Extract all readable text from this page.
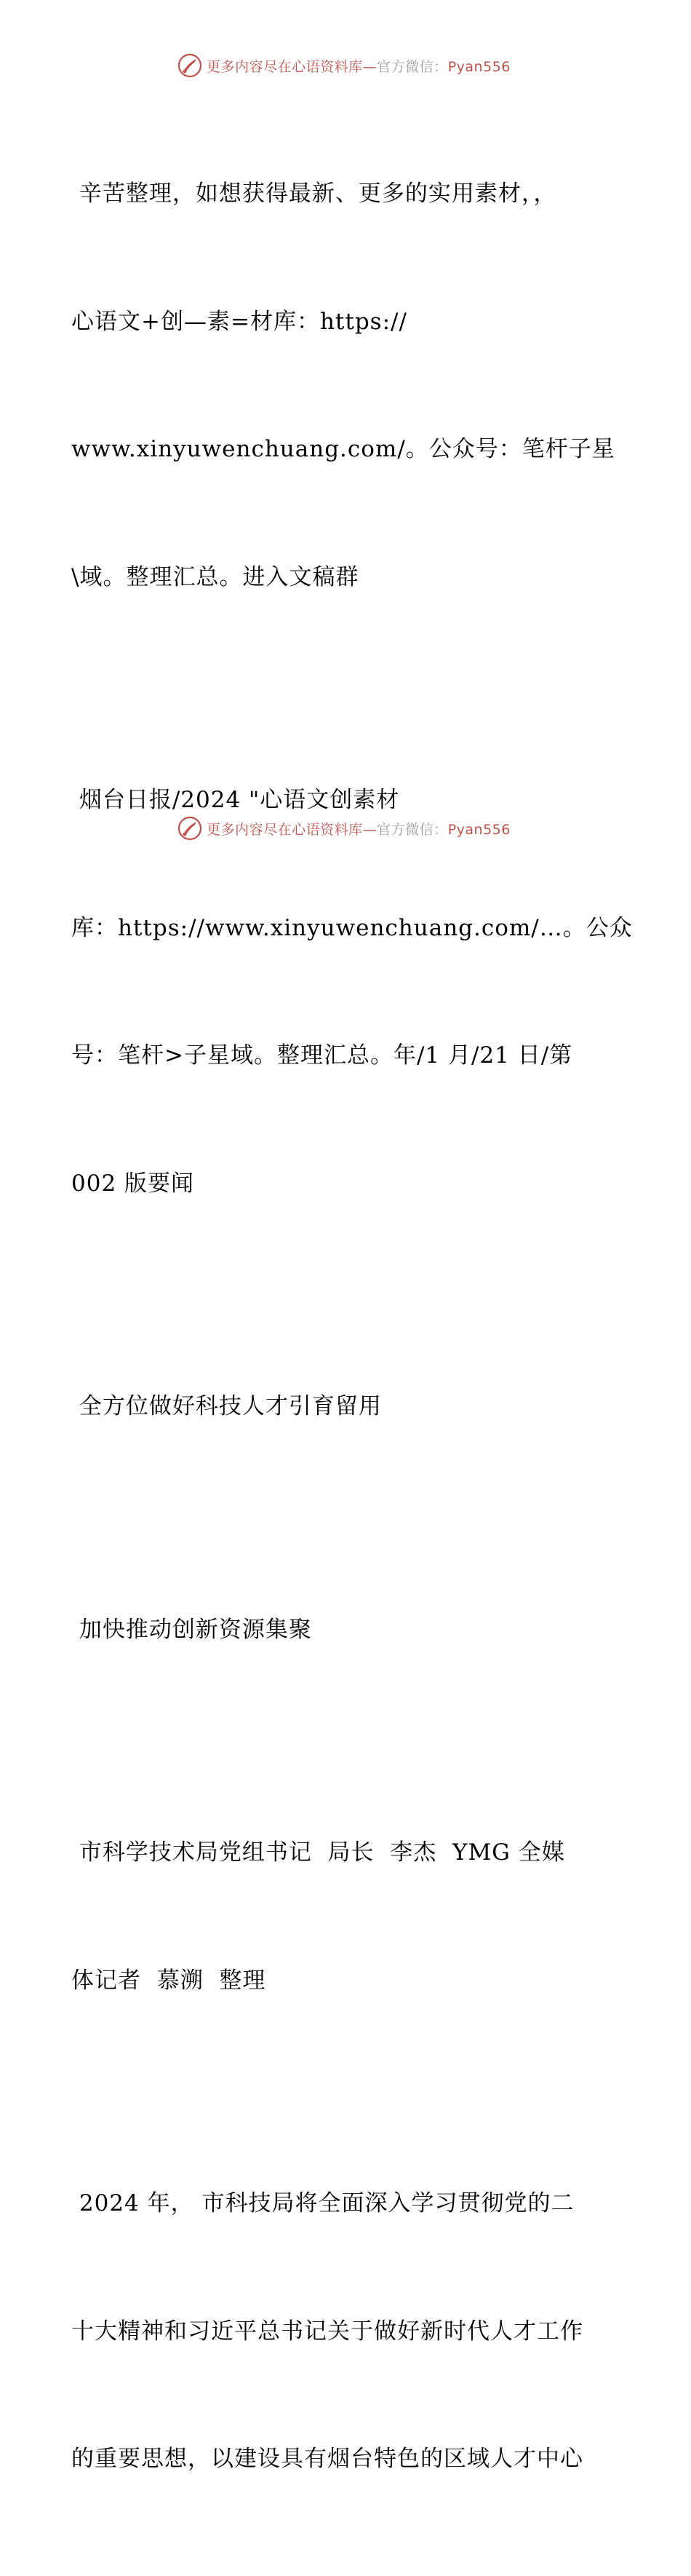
更多内容尽在心语资料库—官方微信：Pyan556

辛苦整理，如想获得最新、更多的实用素材，，

心语文+创—素=材库：https://

www.xinyuwenchuang.com/。公众号：笔杆子星

\域。整理汇总。进入文稿群

烟台日报/2024 "心语文创素材

库：https://www.xinyuwenchuang.com/…。公众

号：笔杆>子星域。整理汇总。年/1 月/21 日/第

002 版要闻

全方位做好科技人才引育留用

加快推动创新资源集聚

市科学技术局党组书记  局长  李杰  YMG 全媒

体记者  慕溯  整理

2024 年， 市科技局将全面深入学习贯彻党的二

十大精神和习近平总书记关于做好新时代人才工作

的重要思想，以建设具有烟台特色的区域人才中心

更多内容尽在心语资料库—官方微信：Pyan556
